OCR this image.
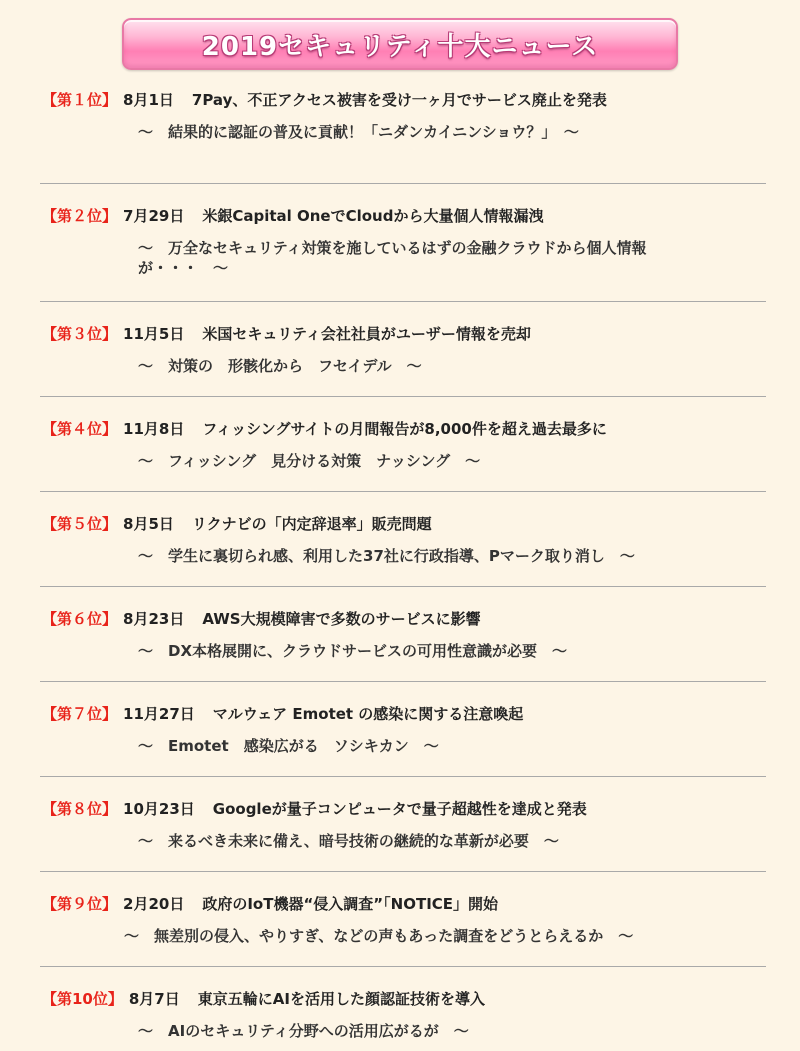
2019セキュリティ十大ニュース
【第１位】 8月1日 7Pay、不正アクセス被害を受け一ヶ月でサービス廃止を発表
～　結果的に認証の普及に貢献！「ニダンカイニンショウ？」　～
【第２位】 7月29日 米銀Capital OneでCloudから大量個人情報漏洩
～　万全なセキュリティ対策を施しているはずの金融クラウドから個人情報が・・・　～
【第３位】 11月5日 米国セキュリティ会社社員がユーザー情報を売却
～　対策の　形骸化から　フセイデル　～
【第４位】 11月8日 フィッシングサイトの月間報告が8,000件を超え過去最多に
～　フィッシング　見分ける対策　ナッシング　～
【第５位】 8月5日 リクナビの「内定辞退率」販売問題
～　学生に裏切られ感、利用した37社に行政指導、Pマーク取り消し　～
【第６位】 8月23日 AWS大規模障害で多数のサービスに影響
～　DX本格展開に、クラウドサービスの可用性意識が必要　～
【第７位】 11月27日 マルウェア Emotet の感染に関する注意喚起
～　Emotet　感染広がる　ソシキカン　～
【第８位】 10月23日 Googleが量子コンピュータで量子超越性を達成と発表
～　来るべき未来に備え、暗号技術の継続的な革新が必要　～
【第９位】 2月20日 政府のIoT機器“侵入調査”「NOTICE」開始
～　無差別の侵入、やりすぎ、などの声もあった調査をどうとらえるか　～
【第10位】 8月7日 東京五輪にAIを活用した顔認証技術を導入
～　AIのセキュリティ分野への活用広がるが　～
